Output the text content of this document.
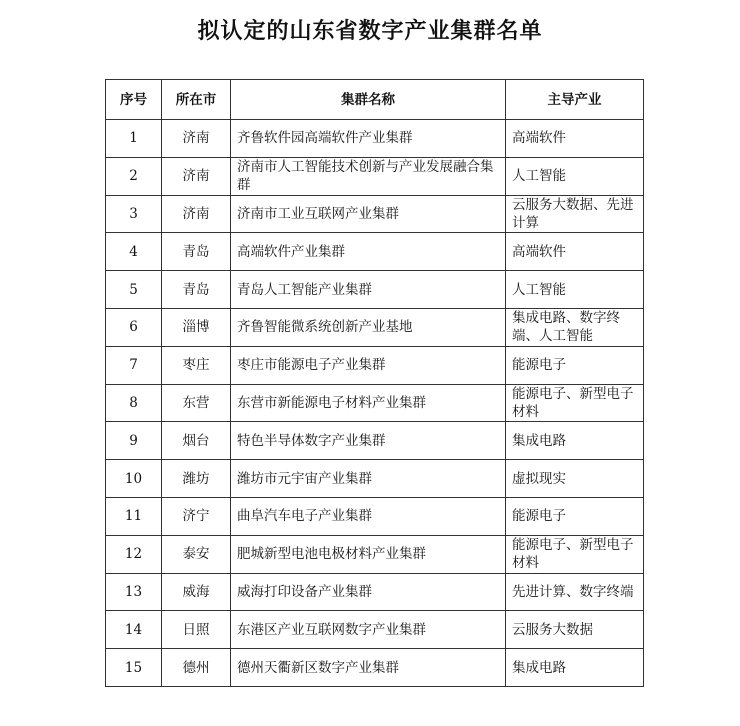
拟认定的山东省数字产业集群名单
序号	所在市	集群名称	主导产业
1	济南	齐鲁软件园高端软件产业集群	高端软件
2	济南	济南市人工智能技术创新与产业发展融合集群	人工智能
3	济南	济南市工业互联网产业集群	云服务大数据、先进计算
4	青岛	高端软件产业集群	高端软件
5	青岛	青岛人工智能产业集群	人工智能
6	淄博	齐鲁智能微系统创新产业基地	集成电路、数字终端、人工智能
7	枣庄	枣庄市能源电子产业集群	能源电子
8	东营	东营市新能源电子材料产业集群	能源电子、新型电子材料
9	烟台	特色半导体数字产业集群	集成电路
10	潍坊	潍坊市元宇宙产业集群	虚拟现实
11	济宁	曲阜汽车电子产业集群	能源电子
12	泰安	肥城新型电池电极材料产业集群	能源电子、新型电子材料
13	威海	威海打印设备产业集群	先进计算、数字终端
14	日照	东港区产业互联网数字产业集群	云服务大数据
15	德州	德州天衢新区数字产业集群	集成电路
